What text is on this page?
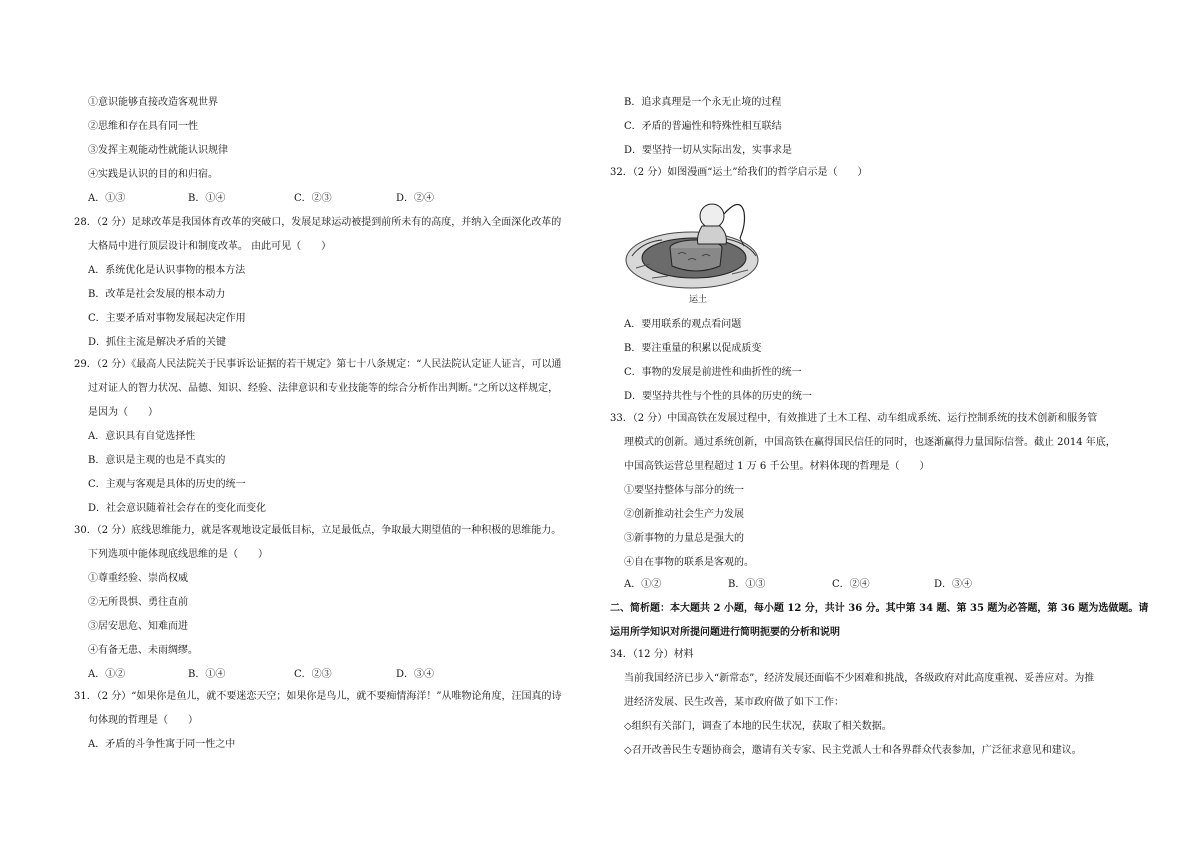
①意识能够直接改造客观世界
②思维和存在具有同一性
③发挥主观能动性就能认识规律
④实践是认识的目的和归宿。
A．①③	B．①④	C．②③	D．②④
28．（2 分）足球改革是我国体育改革的突破口，发展足球运动被提到前所未有的高度，并纳入全面深化改革的
大格局中进行顶层设计和制度改革。 由此可见（　　）
A．系统优化是认识事物的根本方法
B．改革是社会发展的根本动力
C．主要矛盾对事物发展起决定作用
D．抓住主流是解决矛盾的关键
29．（2 分）《最高人民法院关于民事诉讼证据的若干规定》第七十八条规定：“人民法院认定证人证言，可以通
过对证人的智力状况、品德、知识、经验、法律意识和专业技能等的综合分析作出判断。”之所以这样规定，
是因为（　　）
A．意识具有自觉选择性
B．意识是主观的也是不真实的
C．主观与客观是具体的历史的统一
D．社会意识随着社会存在的变化而变化
30．（2 分）底线思维能力，就是客观地设定最低目标，立足最低点，争取最大期望值的一种积极的思维能力。
下列选项中能体现底线思维的是（　　）
①尊重经验、崇尚权威
②无所畏惧、勇往直前
③居安思危、知难而进
④有备无患、未雨绸缪。
A．①②	B．①④	C．②③	D．③④
31．（2 分）“如果你是鱼儿，就不要迷恋天空；如果你是鸟儿，就不要痴情海洋！”从唯物论角度，汪国真的诗
句体现的哲理是（　　）
A．矛盾的斗争性寓于同一性之中
B．追求真理是一个永无止境的过程
C．矛盾的普遍性和特殊性相互联结
D．要坚持一切从实际出发，实事求是
32．（2 分）如图漫画“运土”给我们的哲学启示是（　　）
运土
A．要用联系的观点看问题
B．要注重量的积累以促成质变
C．事物的发展是前进性和曲折性的统一
D．要坚持共性与个性的具体的历史的统一
33．（2 分）中国高铁在发展过程中，有效推进了土木工程、动车组成系统、运行控制系统的技术创新和服务管
理模式的创新。通过系统创新，中国高铁在赢得国民信任的同时，也逐渐赢得力量国际信誉。截止 2014 年底，
中国高铁运营总里程超过 1 万 6 千公里。材料体现的哲理是（　　）
①要坚持整体与部分的统一
②创新推动社会生产力发展
③新事物的力量总是强大的
④自在事物的联系是客观的。
A．①②	B．①③	C．②④	D．③④
二、简析题：本大题共 2 小题，每小题 12 分，共计 36 分。其中第 34 题、第 35 题为必答题，第 36 题为选做题。请
运用所学知识对所提问题进行简明扼要的分析和说明
34．（12 分）材料
当前我国经济已步入“新常态”，经济发展还面临不少困难和挑战，各级政府对此高度重视、妥善应对。为推
进经济发展、民生改善，某市政府做了如下工作：
◇组织有关部门，调查了本地的民生状况，获取了相关数据。
◇召开改善民生专题协商会，邀请有关专家、民主党派人士和各界群众代表参加，广泛征求意见和建议。
